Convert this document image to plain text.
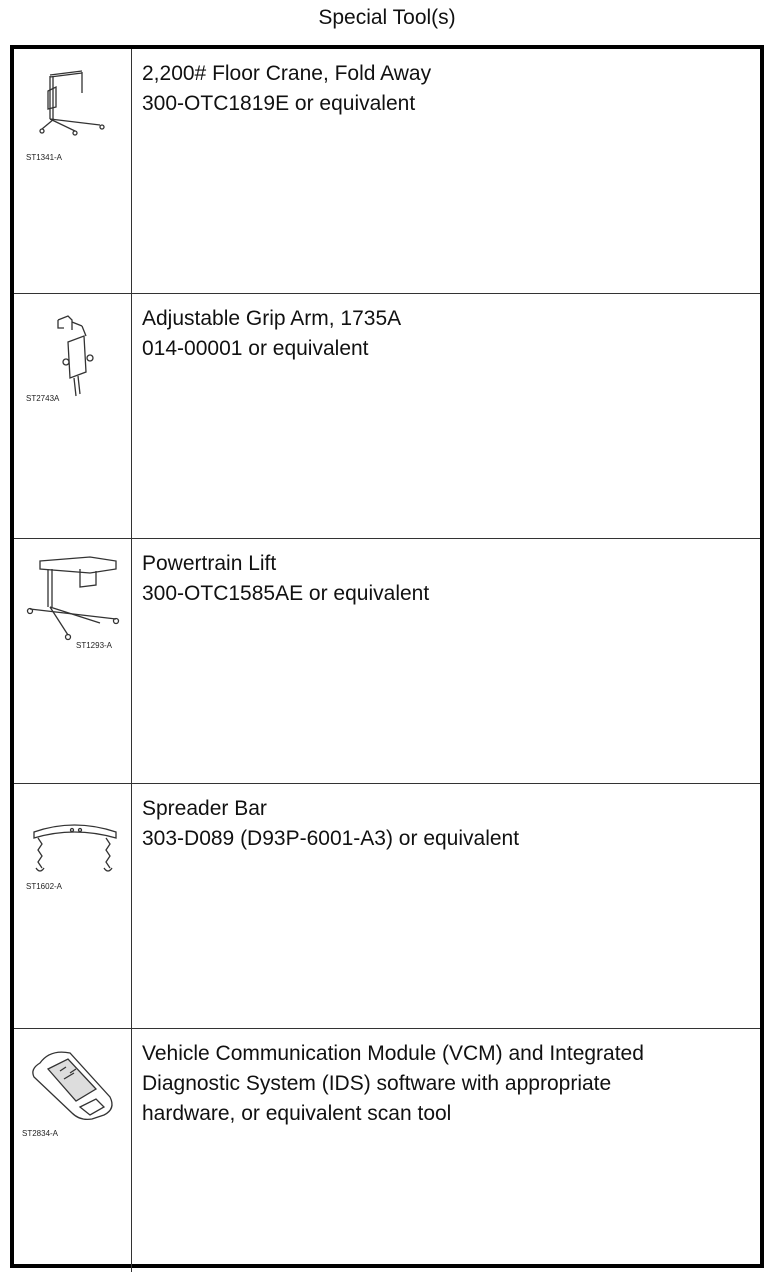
Special Tool(s)
ST1341-A
2,200# Floor Crane, Fold Away
300-OTC1819E or equivalent
ST2743A
Adjustable Grip Arm, 1735A
014-00001 or equivalent
ST1293-A
Powertrain Lift
300-OTC1585AE or equivalent
ST1602-A
Spreader Bar
303-D089 (D93P-6001-A3) or equivalent
ST2834-A
Vehicle Communication Module (VCM) and Integrated
Diagnostic System (IDS) software with appropriate
hardware, or equivalent scan tool
